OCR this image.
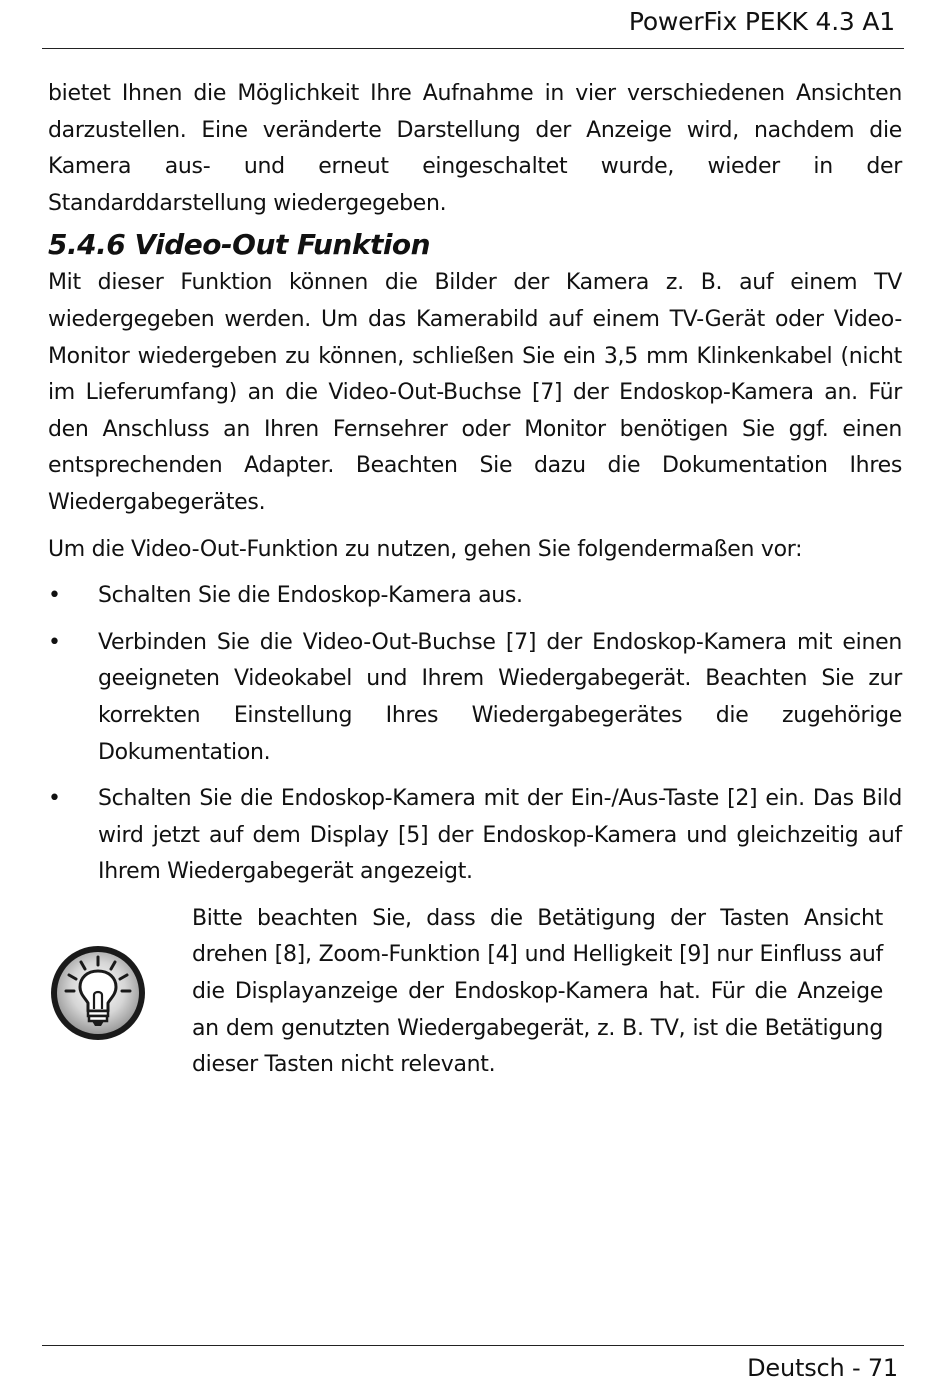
PowerFix PEKK 4.3 A1

bietet Ihnen die Möglichkeit Ihre Aufnahme in vier verschiedenen Ansichten darzustellen. Eine veränderte Darstellung der Anzeige wird, nachdem die Kamera aus- und erneut eingeschaltet wurde, wieder in der Standarddarstellung wiedergegeben.

5.4.6 Video-Out Funktion

Mit dieser Funktion können die Bilder der Kamera z. B. auf einem TV wiedergegeben werden. Um das Kamerabild auf einem TV-Gerät oder Video-Monitor wiedergeben zu können, schließen Sie ein 3,5 mm Klinkenkabel (nicht im Lieferumfang) an die Video-Out-Buchse [7] der Endoskop-Kamera an. Für den Anschluss an Ihren Fernsehrer oder Monitor benötigen Sie ggf. einen entsprechenden Adapter. Beachten Sie dazu die Dokumentation Ihres Wiedergabegerätes.

Um die Video-Out-Funktion zu nutzen, gehen Sie folgendermaßen vor:

•	Schalten Sie die Endoskop-Kamera aus.
•	Verbinden Sie die Video-Out-Buchse [7] der Endoskop-Kamera mit einen geeigneten Videokabel und Ihrem Wiedergabegerät. Beachten Sie zur korrekten Einstellung Ihres Wiedergabegerätes die zugehörige Dokumentation.
•	Schalten Sie die Endoskop-Kamera mit der Ein-/Aus-Taste [2] ein. Das Bild wird jetzt auf dem Display [5] der Endoskop-Kamera und gleichzeitig auf Ihrem Wiedergabegerät angezeigt.

Bitte beachten Sie, dass die Betätigung der Tasten Ansicht drehen [8], Zoom-Funktion [4] und Helligkeit [9] nur Einfluss auf die Displayanzeige der Endoskop-Kamera hat. Für die Anzeige an dem genutzten Wiedergabegerät, z. B. TV, ist die Betätigung dieser Tasten nicht relevant.

Deutsch - 71
